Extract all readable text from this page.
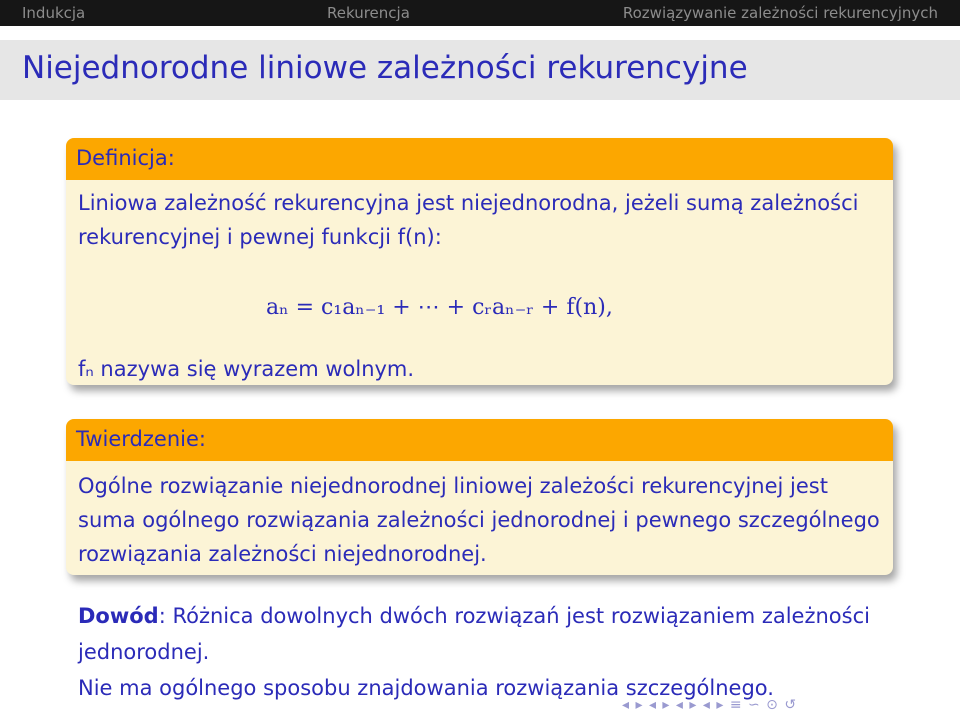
Indukcja	Rekurencja	Rozwiązywanie zależności rekurencyjnych
Niejednorodne liniowe zależności rekurencyjne
Definicja:
Liniowa zależność rekurencyjna jest niejednorodna, jeżeli sumą zależności rekurencyjnej i pewnej funkcji f(n):
aₙ = c₁aₙ₋₁ + ⋯ + cᵣaₙ₋ᵣ + f(n),
fₙ nazywa się wyrazem wolnym.
Twierdzenie:
Ogólne rozwiązanie niejednorodnej liniowej zależości rekurencyjnej jest suma ogólnego rozwiązania zależności jednorodnej i pewnego szczególnego rozwiązania zależności niejednorodnej.
Dowód: Różnica dowolnych dwóch rozwiązań jest rozwiązaniem zależności jednorodnej.
Nie ma ogólnego sposobu znajdowania rozwiązania szczególnego.
◂ ▸ ◂ ▸ ◂ ▸ ◂ ▸ ≡ ∽ ⊙ ↺
